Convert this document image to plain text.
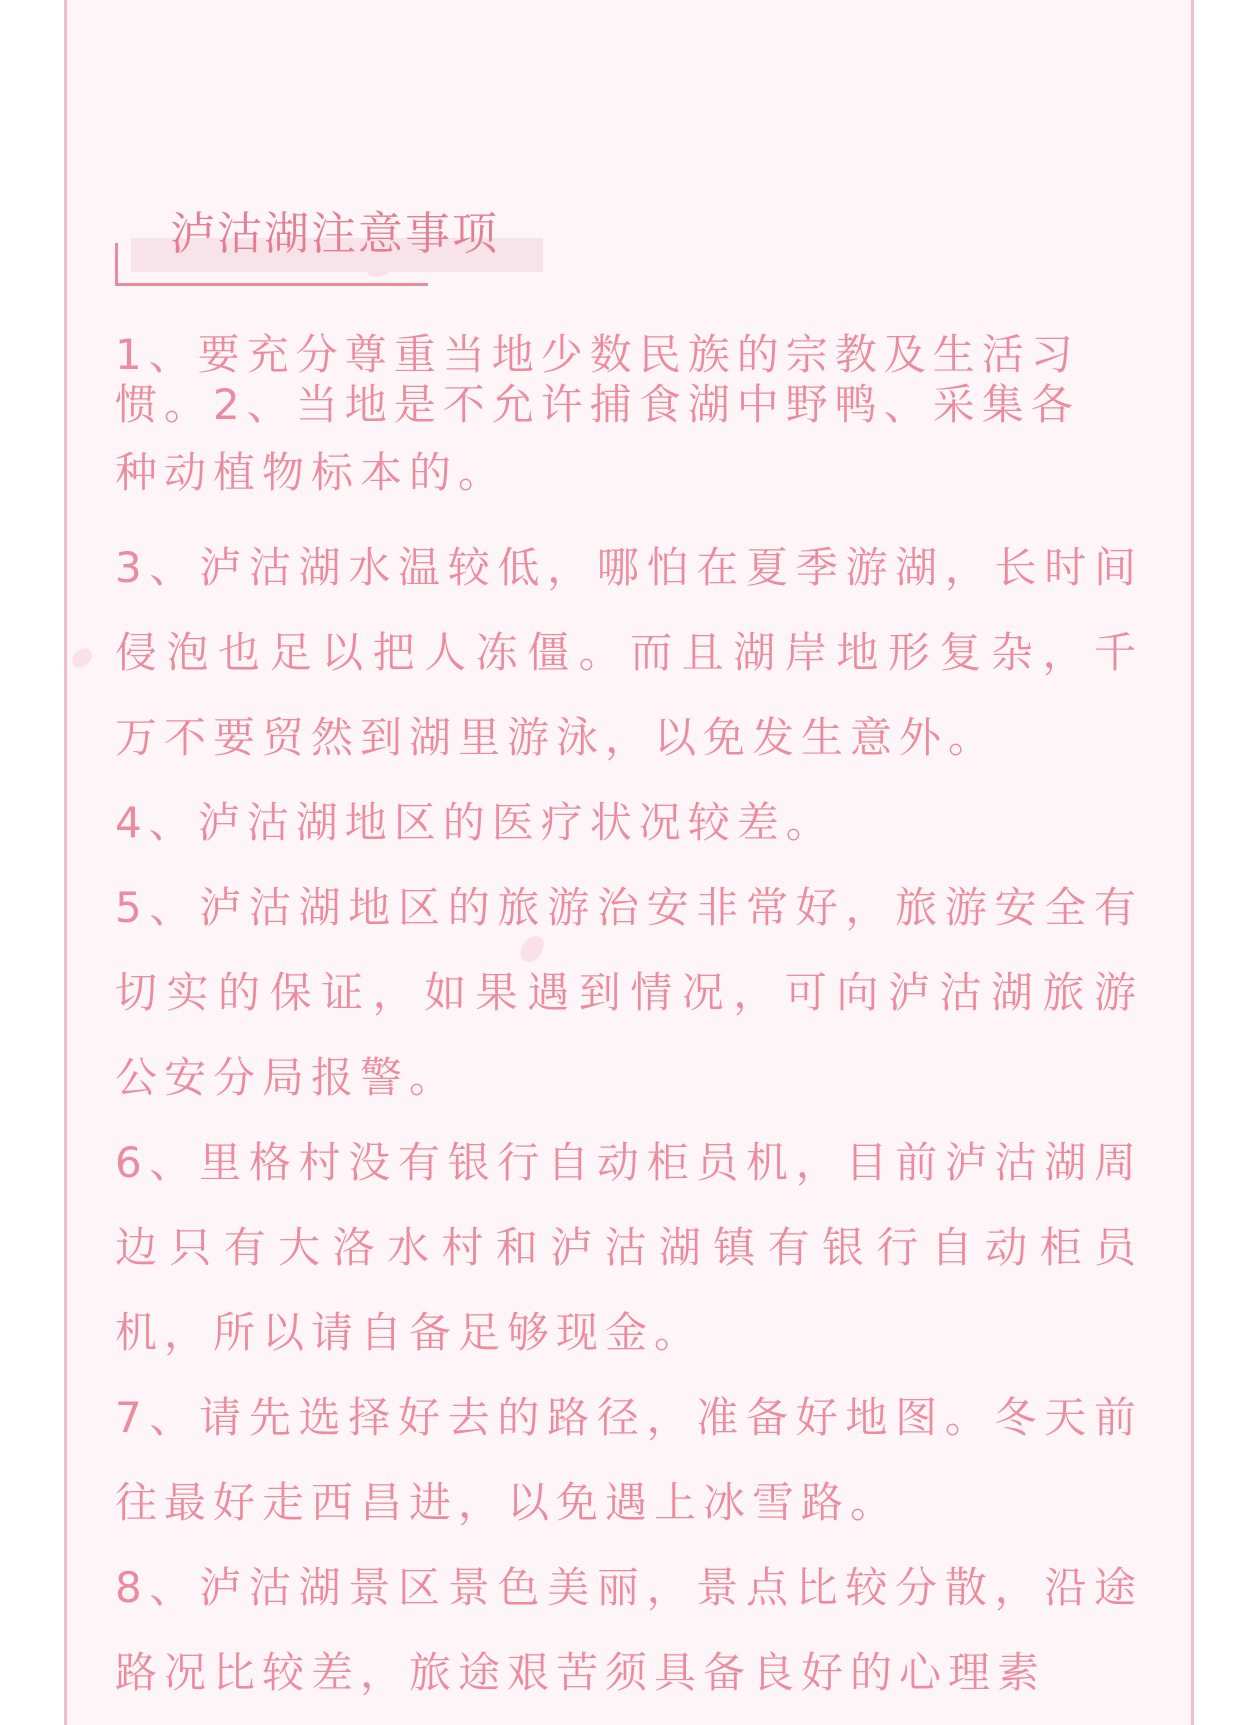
泸沽湖注意事项

1、要充分尊重当地少数民族的宗教及生活习
惯。2、当地是不允许捕食湖中野鸭、采集各
种动植物标本的。

3、泸沽湖水温较低，哪怕在夏季游湖，长时间侵泡也足以把人冻僵。而且湖岸地形复杂，千万不要贸然到湖里游泳，以免发生意外。

4、泸沽湖地区的医疗状况较差。

5、泸沽湖地区的旅游治安非常好，旅游安全有切实的保证，如果遇到情况，可向泸沽湖旅游公安分局报警。

6、里格村没有银行自动柜员机，目前泸沽湖周边只有大洛水村和泸沽湖镇有银行自动柜员机，所以请自备足够现金。

7、请先选择好去的路径，准备好地图。冬天前往最好走西昌进，以免遇上冰雪路。

8、泸沽湖景区景色美丽，景点比较分散，沿途路况比较差，旅途艰苦须具备良好的心理素
